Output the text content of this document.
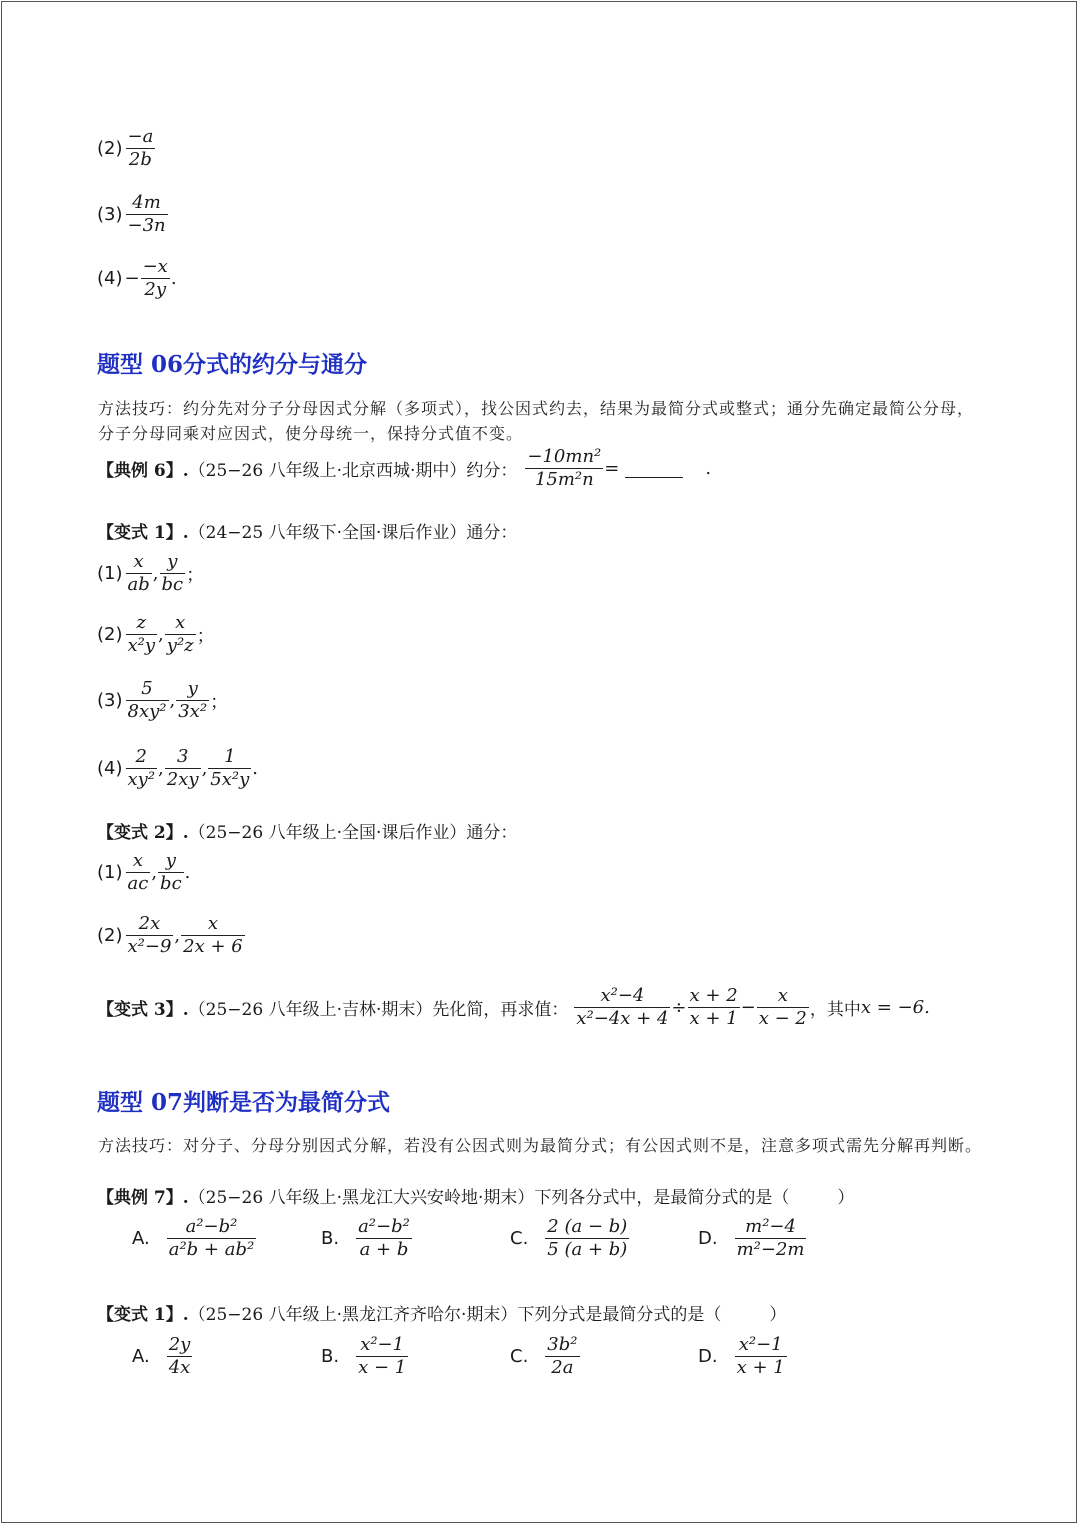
$(2) \frac{-a}{2b}$
$(3) \frac{4m}{-3n}$
$(4) - \frac{-x}{2y}$ .
题型 06分式的约分与通分
方法技巧：约分先对分子分母因式分解（多项式），找公因式约去，结果为最简分式或整式；通分先确定最简公分母，分子分母同乘对应因式，使分母统一，保持分式值不变。
【典例 6】. （25−26 八年级上·北京西城·期中）约分： $\frac{\text{−10mn²}}{\text{15m²n}}$ =	.
【变式 1】. （24−25 八年级下·全国·课后作业）通分：
$(1) \frac{x}{ab}$ , $\frac{y}{bc}$ ；
$(2) \frac{z}{\text{x²y}}$ , $\frac{x}{\text{y²z}}$ ；
$(3) \frac{5}{\text{8xy²}}$ , $\frac{y}{\text{3x²}}$ ；
$(4) \frac{2}{\text{xy²}}$ , $\frac{3}{2xy}$ , $\frac{1}{\text{5x²y}}$ .
【变式 2】. （25−26 八年级上·全国·课后作业）通分：
$(1) \frac{x}{ac}$ , $\frac{y}{bc}$ .
$(2) \frac{2x}{\text{x²−9}}$ , $\frac{x}{2x + 6}$
【变式 3】. （25−26 八年级上·吉林·期末）先化简，再求值： $\frac{\text{x²−4}}{\text{x²−4x + 4}} \div \frac{x + 2}{x + 1} - \frac{x}{x - 2}$ ，其中 x = −6.
题型 07判断是否为最简分式
方法技巧：对分子、分母分别因式分解，若没有公因式则为最简分式；有公因式则不是，注意多项式需先分解再判断。
【典例 7】. （25−26 八年级上·黑龙江大兴安岭地·期末）下列各分式中，是最简分式的是（	）
A. $\frac{\text{a²−b²}}{\text{a²b + ab²}}$	B. $\frac{\text{a²−b²}}{a + b}$	C. $\frac{2 (a - b)}{5 (a + b)}$	D. $\frac{\text{m²−4}}{\text{m²−2m}}$
【变式 1】. （25−26 八年级上·黑龙江齐齐哈尔·期末）下列分式是最简分式的是（	）
A. $\frac{2y}{4x}$	B. $\frac{\text{x²−1}}{x - 1}$	C. $\frac{\text{3b²}}{2a}$	D. $\frac{\text{x²−1}}{x + 1}$
